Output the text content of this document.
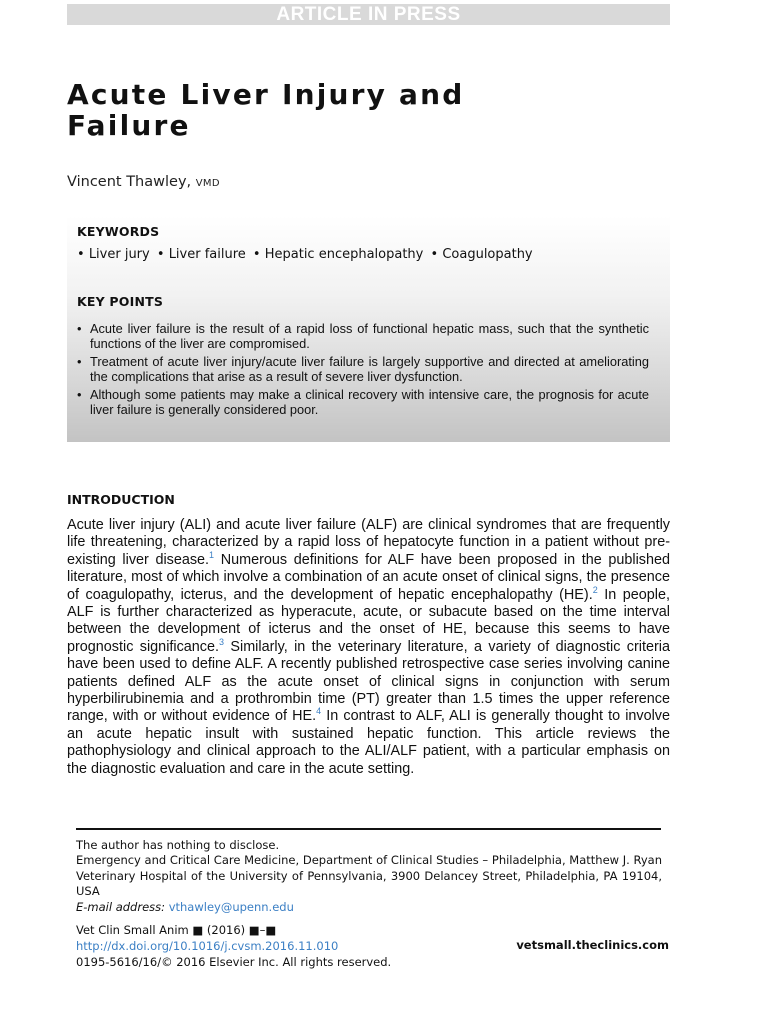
ARTICLE IN PRESS
Acute Liver Injury and Failure
Vincent Thawley, VMD
KEYWORDS
• Liver jury • Liver failure • Hepatic encephalopathy • Coagulopathy
KEY POINTS
• Acute liver failure is the result of a rapid loss of functional hepatic mass, such that the synthetic functions of the liver are compromised.
• Treatment of acute liver injury/acute liver failure is largely supportive and directed at ameliorating the complications that arise as a result of severe liver dysfunction.
• Although some patients may make a clinical recovery with intensive care, the prognosis for acute liver failure is generally considered poor.
INTRODUCTION

Acute liver injury (ALI) and acute liver failure (ALF) are clinical syndromes that are frequently life threatening, characterized by a rapid loss of hepatocyte function in a patient without pre-existing liver disease.$^1$ Numerous definitions for ALF have been proposed in the published literature, most of which involve a combination of an acute onset of clinical signs, the presence of coagulopathy, icterus, and the development of hepatic encephalopathy (HE).$^2$ In people, ALF is further characterized as hyperacute, acute, or subacute based on the time interval between the development of icterus and the onset of HE, because this seems to have prognostic significance.$^3$ Similarly, in the veterinary literature, a variety of diagnostic criteria have been used to define ALF. A recently published retrospective case series involving canine patients defined ALF as the acute onset of clinical signs in conjunction with serum hyperbilirubinemia and a prothrombin time (PT) greater than 1.5 times the upper reference range, with or without evidence of HE.$^4$ In contrast to ALF, ALI is generally thought to involve an acute hepatic insult with sustained hepatic function. This article reviews the pathophysiology and clinical approach to the ALI/ALF patient, with a particular emphasis on the diagnostic evaluation and care in the acute setting.

The author has nothing to disclose.

Emergency and Critical Care Medicine, Department of Clinical Studies – Philadelphia, Matthew J. Ryan Veterinary Hospital of the University of Pennsylvania, 3900 Delancey Street, Philadelphia, PA 19104, USA

E-mail address: vthawley@upenn.edu

Vet Clin Small Anim ■ (2016) ■–■

http://dx.doi.org/10.1016/j.cvsm.2016.11.010

0195-5616/16/© 2016 Elsevier Inc. All rights reserved.

vetsmall.theclinics.com
